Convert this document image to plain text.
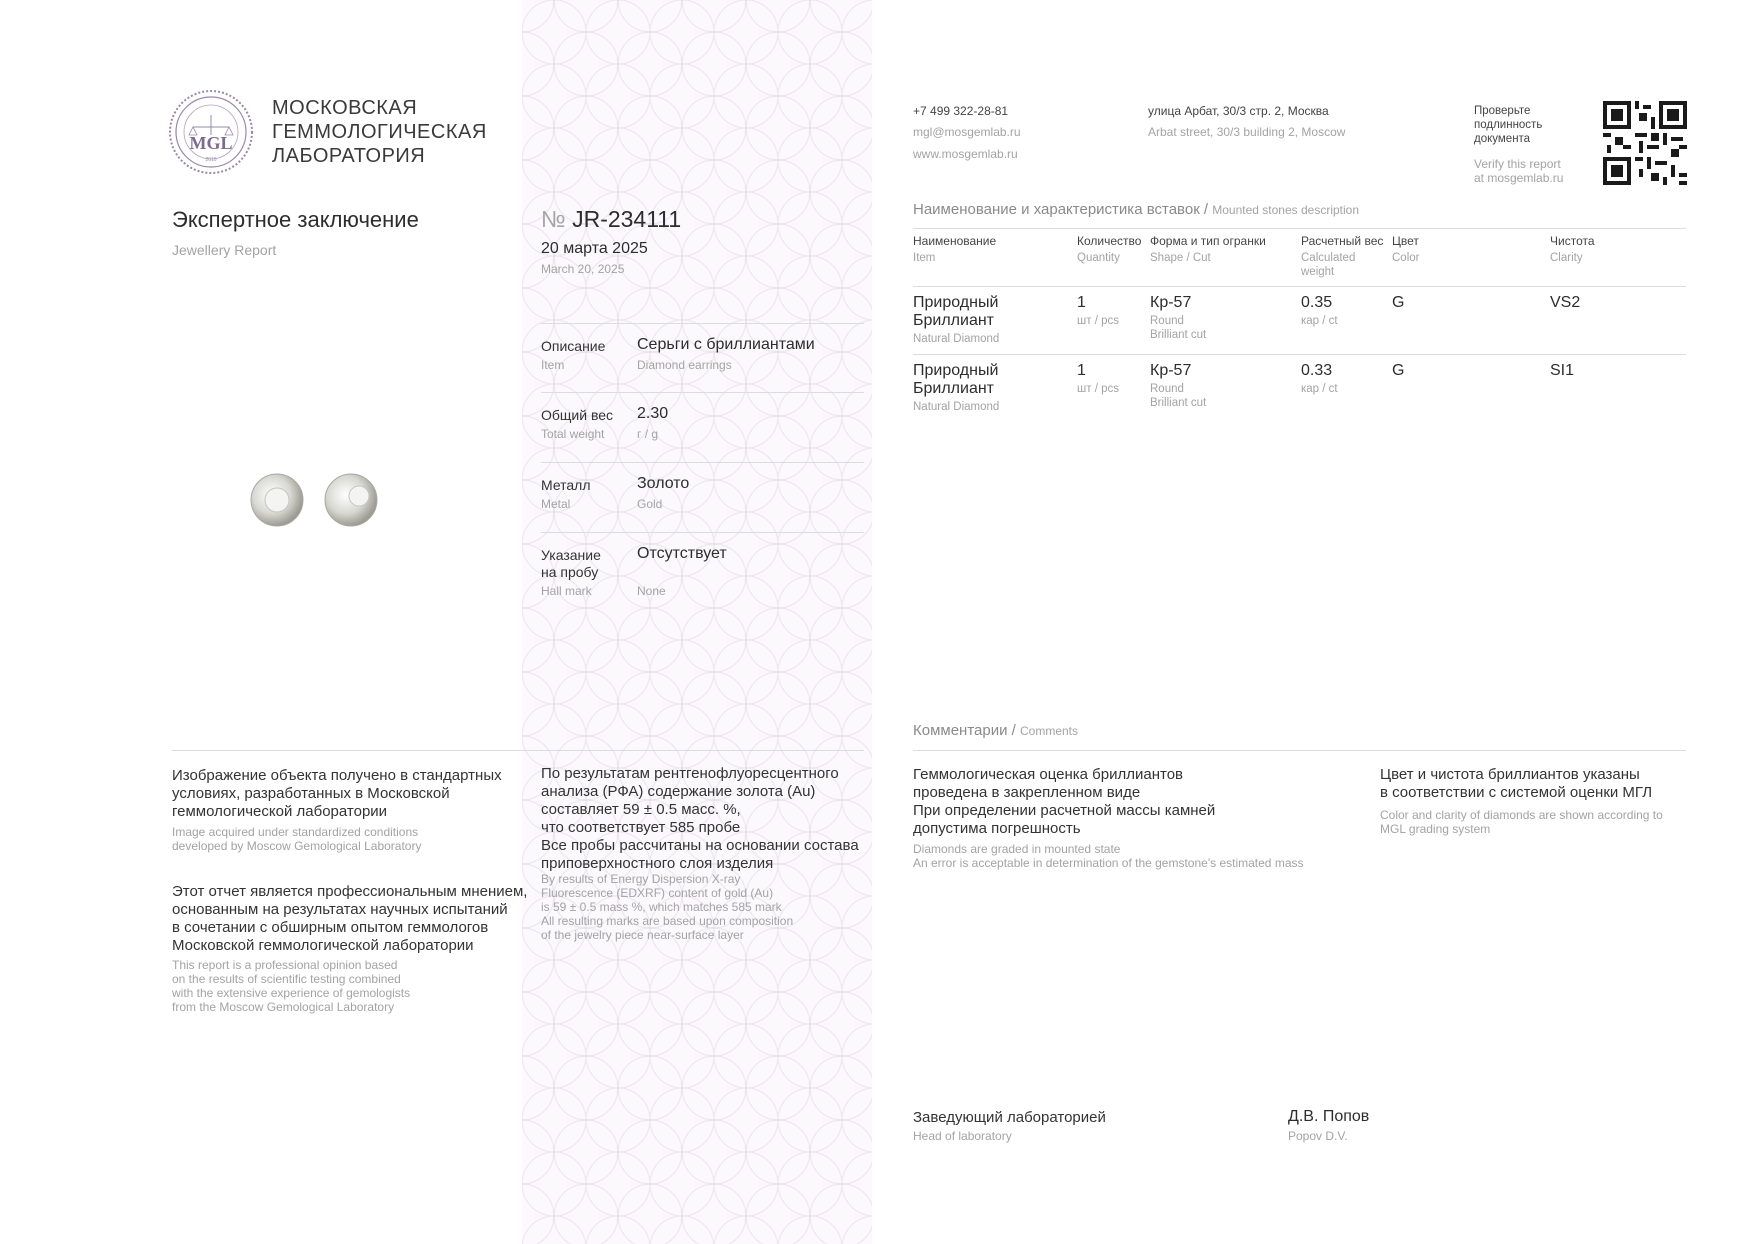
MGL
2010
МОСКОВСКАЯ
ГЕММОЛОГИЧЕСКАЯ
ЛАБОРАТОРИЯ
Экспертное заключение
Jewellery Report
№ JR-234111
20 марта 2025
March 20, 2025
Описание
Item
Серьги с бриллиантами
Diamond earrings
Общий вес
Total weight
2.30
г / g
Металл
Metal
Золото
Gold
Указание
на пробу
Hall mark
Отсутствует
None
+7 499 322-28-81
mgl@mosgemlab.ru
www.mosgemlab.ru
улица Арбат, 30/3 стр. 2, Москва
Arbat street, 30/3 building 2, Moscow
Проверьте
подлинность
документа
Verify this report
at mosgemlab.ru
Наименование и характеристика вставок / Mounted stones description
Наименование
Item
Количество
Quantity
Форма и тип огранки
Shape / Cut
Расчетный вес
Calculated
weight
Цвет
Color
Чистота
Clarity
Природный
Бриллиант
Natural Diamond
1
шт / pcs
Кр-57
Round
Brilliant cut
0.35
кар / ct
G	VS2
Природный
Бриллиант
Natural Diamond
1
шт / pcs
Кр-57
Round
Brilliant cut
0.33
кар / ct
G	SI1
Изображение объекта получено в стандартных
условиях, разработанных в Московской
геммологической лаборатории
Image acquired under standardized conditions
developed by Moscow Gemological Laboratory
Этот отчет является профессиональным мнением,
основанным на результатах научных испытаний
в сочетании с обширным опытом геммологов
Московской геммологической лаборатории
This report is a professional opinion based
on the results of scientific testing combined
with the extensive experience of gemologists
from the Moscow Gemological Laboratory
По результатам рентгенофлуоресцентного
анализа (РФА) содержание золота (Au)
составляет 59 ± 0.5 масс. %,
что соответствует 585 пробе
Все пробы рассчитаны на основании состава
приповерхностного слоя изделия
By results of Energy Dispersion X-ray
Fluorescence (EDXRF) content of gold (Au)
is 59 ± 0.5 mass %, which matches 585 mark
All resulting marks are based upon composition
of the jewelry piece near-surface layer
Комментарии / Comments
Геммологическая оценка бриллиантов
проведена в закрепленном виде
При определении расчетной массы камней
допустима погрешность
Diamonds are graded in mounted state
An error is acceptable in determination of the gemstone's estimated mass
Цвет и чистота бриллиантов указаны
в соответствии с системой оценки МГЛ
Color and clarity of diamonds are shown according to
MGL grading system
Заведующий лабораторией
Head of laboratory
Д.В. Попов
Popov D.V.
